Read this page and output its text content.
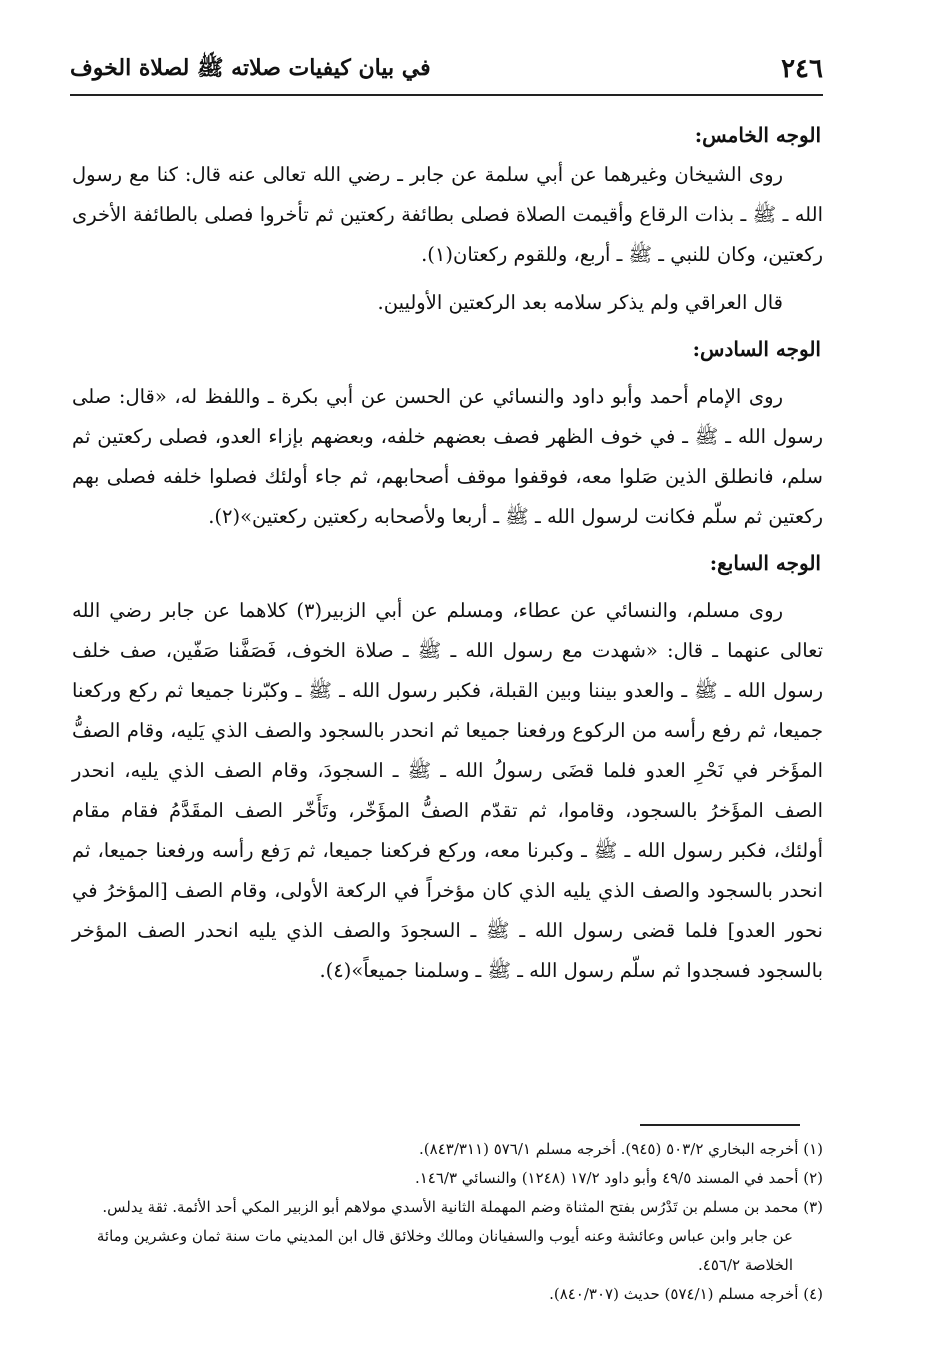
٢٤٦
في بيان كيفيات صلاته ﷺ لصلاة الخوف

الوجه الخامس:

روى الشيخان وغيرهما عن أبي سلمة عن جابر ـ رضي الله تعالى عنه قال: كنا مع رسول الله ـ ﷺ ـ بذات الرقاع وأقيمت الصلاة فصلى بطائفة ركعتين ثم تأخروا فصلى بالطائفة الأخرى ركعتين، وكان للنبي ـ ﷺ ـ أربع، وللقوم ركعتان(١).

قال العراقي ولم يذكر سلامه بعد الركعتين الأوليين.

الوجه السادس:

روى الإمام أحمد وأبو داود والنسائي عن الحسن عن أبي بكرة ـ واللفظ له، «قال: صلى رسول الله ـ ﷺ ـ في خوف الظهر فصف بعضهم خلفه، وبعضهم بإزاء العدو، فصلى ركعتين ثم سلم، فانطلق الذين صَلوا معه، فوقفوا موقف أصحابهم، ثم جاء أولئك فصلوا خلفه فصلى بهم ركعتين ثم سلّم فكانت لرسول الله ـ ﷺ ـ أربعا ولأصحابه ركعتين ركعتين»(٢).

الوجه السابع:

روى مسلم، والنسائي عن عطاء، ومسلم عن أبي الزبير(٣) كلاهما عن جابر رضي الله تعالى عنهما ـ قال: «شهدت مع رسول الله ـ ﷺ ـ صلاة الخوف، فَصَفَّنا صَفّين، صف خلف رسول الله ـ ﷺ ـ والعدو بيننا وبين القبلة، فكبر رسول الله ـ ﷺ ـ وكبّرنا جميعا ثم ركع وركعنا جميعا، ثم رفع رأسه من الركوع ورفعنا جميعا ثم انحدر بالسجود والصف الذي يَليه، وقام الصفُّ المؤَخر في نَحْرِ العدو فلما قضَى رسولُ الله ـ ﷺ ـ السجودَ، وقام الصف الذي يليه، انحدر الصف المؤَخرُ بالسجود، وقاموا، ثم تقدّم الصفُّ المؤَخّر، وتَأَخّر الصف المقَدَّمُ فقام مقام أولئك، فكبر رسول الله ـ ﷺ ـ وكبرنا معه، وركع فركعنا جميعا، ثم رَفع رأسه ورفعنا جميعا، ثم انحدر بالسجود والصف الذي يليه الذي كان مؤخراً في الركعة الأولى، وقام الصف [المؤخرُ في نحور العدو] فلما قضى رسول الله ـ ﷺ ـ السجودَ والصف الذي يليه انحدر الصف المؤخر بالسجود فسجدوا ثم سلّم رسول الله ـ ﷺ ـ وسلمنا جميعاً»(٤).

(١) أخرجه البخاري ٥٠٣/٢ (٩٤٥). أخرجه مسلم ٥٧٦/١ (٨٤٣/٣١١).

(٢) أحمد في المسند ٤٩/٥ وأبو داود ١٧/٢ (١٢٤٨) والنسائي ١٤٦/٣.

(٣) محمد بن مسلم بن تَدْرُس بفتح المثناة وضم المهملة الثانية الأسدي مولاهم أبو الزبير المكي أحد الأئمة. ثقة يدلس.

عن جابر وابن عباس وعائشة وعنه أيوب والسفيانان ومالك وخلائق قال ابن المديني مات سنة ثمان وعشرين ومائة الخلاصة ٤٥٦/٢.

(٤) أخرجه مسلم (٥٧٤/١) حديث (٨٤٠/٣٠٧).
